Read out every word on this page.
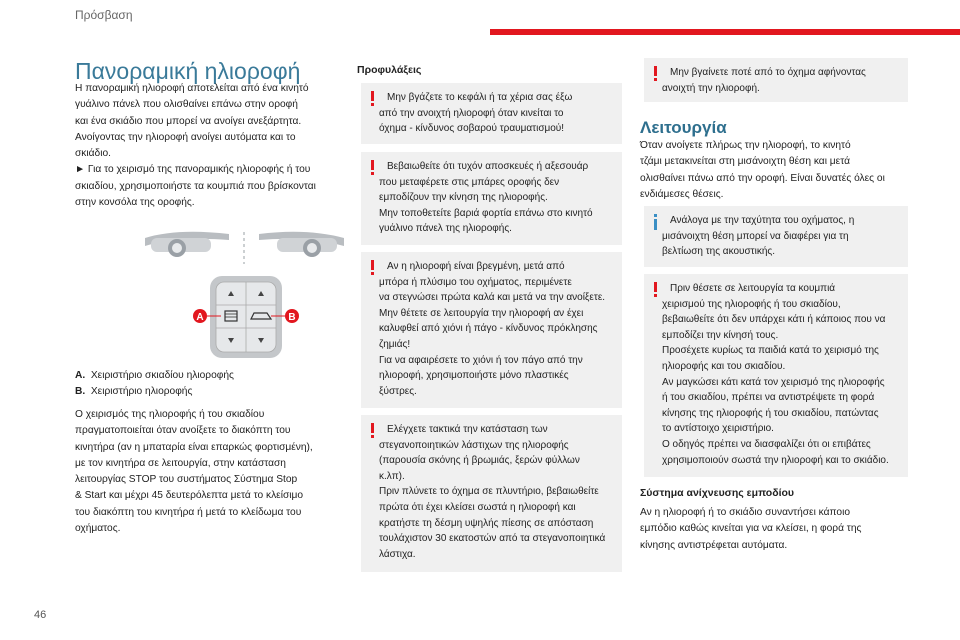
Πρόσβαση
Πανοραμική ηλιοροφή

Η πανοραμική ηλιοροφή αποτελείται από ένα κινητό
γυάλινο πάνελ που ολισθαίνει επάνω στην οροφή
και ένα σκιάδιο που μπορεί να ανοίγει ανεξάρτητα.
Ανοίγοντας την ηλιοροφή ανοίγει αυτόματα και το
σκιάδιο.
► Για το χειρισμό της πανοραμικής ηλιοροφής ή του
σκιαδίου, χρησιμοποιήστε τα κουμπιά που βρίσκονται
στην κονσόλα της οροφής.

A	B
A. Χειριστήριο σκιαδίου ηλιοροφής
B. Χειριστήριο ηλιοροφής

Ο χειρισμός της ηλιοροφής ή του σκιαδίου
πραγματοποιείται όταν ανοίξετε το διακόπτη του
κινητήρα (αν η μπαταρία είναι επαρκώς φορτισμένη),
με τον κινητήρα σε λειτουργία, στην κατάσταση
λειτουργίας STOP του συστήματος Σύστημα Stop
& Start και μέχρι 45 δευτερόλεπτα μετά το κλείσιμο
του διακόπτη του κινητήρα ή μετά το κλείδωμα του
οχήματος.

Προφυλάξεις

Μην βγάζετε το κεφάλι ή τα χέρια σας έξω
από την ανοιχτή ηλιοροφή όταν κινείται το
όχημα - κίνδυνος σοβαρού τραυματισμού!

Βεβαιωθείτε ότι τυχόν αποσκευές ή αξεσουάρ
που μεταφέρετε στις μπάρες οροφής δεν
εμποδίζουν την κίνηση της ηλιοροφής.
Μην τοποθετείτε βαριά φορτία επάνω στο κινητό
γυάλινο πάνελ της ηλιοροφής.

Αν η ηλιοροφή είναι βρεγμένη, μετά από
μπόρα ή πλύσιμο του οχήματος, περιμένετε
να στεγνώσει πρώτα καλά και μετά να την ανοίξετε.
Μην θέτετε σε λειτουργία την ηλιοροφή αν έχει
καλυφθεί από χιόνι ή πάγο - κίνδυνος πρόκλησης
ζημιάς!
Για να αφαιρέσετε το χιόνι ή τον πάγο από την
ηλιοροφή, χρησιμοποιήστε μόνο πλαστικές
ξύστρες.

Ελέγχετε τακτικά την κατάσταση των
στεγανοποιητικών λάστιχων της ηλιοροφής
(παρουσία σκόνης ή βρωμιάς, ξερών φύλλων
κ.λπ).
Πριν πλύνετε το όχημα σε πλυντήριο, βεβαιωθείτε
πρώτα ότι έχει κλείσει σωστά η ηλιοροφή και
κρατήστε τη δέσμη υψηλής πίεσης σε απόσταση
τουλάχιστον 30 εκατοστών από τα στεγανοποιητικά
λάστιχα.

Μην βγαίνετε ποτέ από το όχημα αφήνοντας
ανοιχτή την ηλιοροφή.

Λειτουργία

Όταν ανοίγετε πλήρως την ηλιοροφή, το κινητό
τζάμι μετακινείται στη μισάνοιχτη θέση και μετά
ολισθαίνει πάνω από την οροφή. Είναι δυνατές όλες οι
ενδιάμεσες θέσεις.

Ανάλογα με την ταχύτητα του οχήματος, η
μισάνοιχτη θέση μπορεί να διαφέρει για τη
βελτίωση της ακουστικής.

Πριν θέσετε σε λειτουργία τα κουμπιά
χειρισμού της ηλιοροφής ή του σκιαδίου,
βεβαιωθείτε ότι δεν υπάρχει κάτι ή κάποιος που να
εμποδίζει την κίνησή τους.
Προσέχετε κυρίως τα παιδιά κατά το χειρισμό της
ηλιοροφής και του σκιαδίου.
Αν μαγκώσει κάτι κατά τον χειρισμό της ηλιοροφής
ή του σκιαδίου, πρέπει να αντιστρέψετε τη φορά
κίνησης της ηλιοροφής ή του σκιαδίου, πατώντας
το αντίστοιχο χειριστήριο.
Ο οδηγός πρέπει να διασφαλίζει ότι οι επιβάτες
χρησιμοποιούν σωστά την ηλιοροφή και το σκιάδιο.

Σύστημα ανίχνευσης εμποδίου

Αν η ηλιοροφή ή το σκιάδιο συναντήσει κάποιο
εμπόδιο καθώς κινείται για να κλείσει, η φορά της
κίνησης αντιστρέφεται αυτόματα.

46
